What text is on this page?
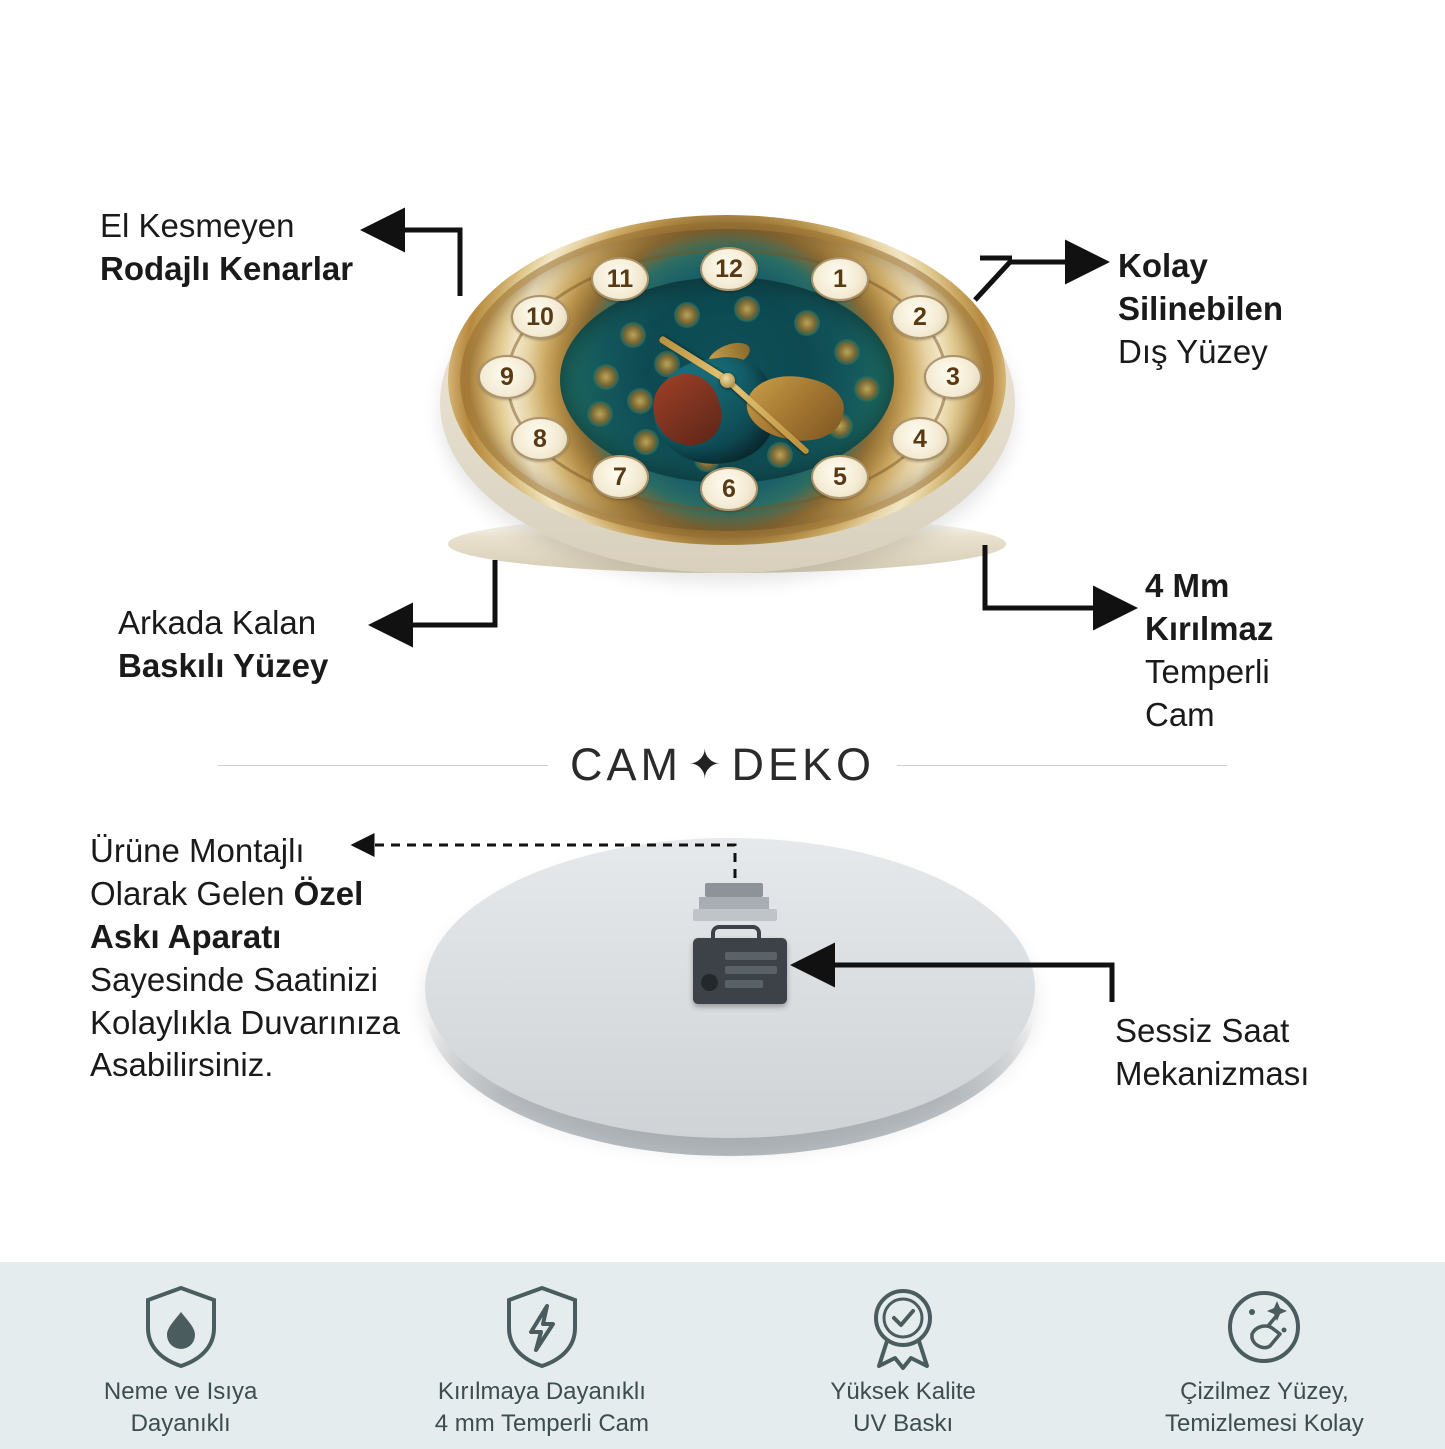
12	1
2
3
4
5
6
7
8
9
10
11
El Kesmeyen
Rodajlı Kenarlar	Kolay
Silinebilen
Dış Yüzey
Arkada Kalan
Baskılı Yüzey
4 Mm
Kırılmaz
Temperli
Cam
Ürüne Montajlı
Olarak Gelen Özel
Askı Aparatı
Sayesinde Saatinizi
Kolaylıkla Duvarınıza
Asabilirsiniz.
Sessiz Saat
Mekanizması
CAM ✦ DEKO
Neme ve Isıya
Dayanıklı
Kırılmaya Dayanıklı
4 mm Temperli Cam
Yüksek Kalite
UV Baskı
Çizilmez Yüzey,
Temizlemesi Kolay
